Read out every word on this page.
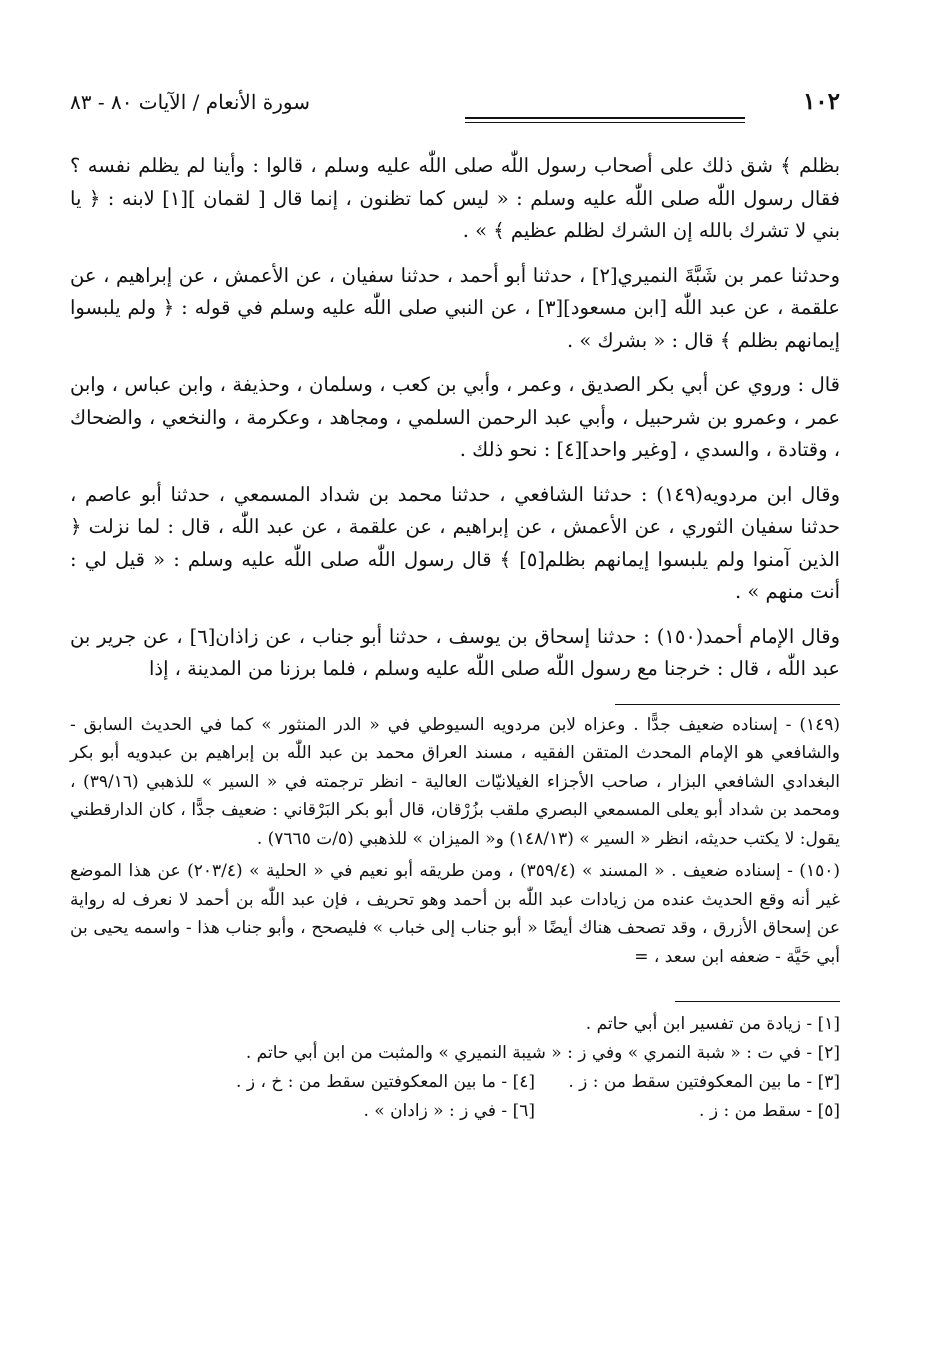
١٠٢
سورة الأنعام / الآيات ٨٠ - ٨٣

بظلم ﴾ شق ذلك على أصحاب رسول اللّٰه صلى اللّٰه عليه وسلم ، قالوا : وأينا لم يظلم نفسه ؟ فقال رسول اللّٰه صلى اللّٰه عليه وسلم : « ليس كما تظنون ، إنما قال [ لقمان ][١] لابنه : ﴿ يا بني لا تشرك بالله إن الشرك لظلم عظيم ﴾ » .

وحدثنا عمر بن شَبَّةَ النميري[٢] ، حدثنا أبو أحمد ، حدثنا سفيان ، عن الأعمش ، عن إبراهيم ، عن علقمة ، عن عبد اللّٰه [ابن مسعود][٣] ، عن النبي صلى اللّٰه عليه وسلم في قوله : ﴿ ولم يلبسوا إيمانهم بظلم ﴾ قال : « بشرك » .

قال : وروي عن أبي بكر الصديق ، وعمر ، وأبي بن كعب ، وسلمان ، وحذيفة ، وابن عباس ، وابن عمر ، وعمرو بن شرحبيل ، وأبي عبد الرحمن السلمي ، ومجاهد ، وعكرمة ، والنخعي ، والضحاك ، وقتادة ، والسدي ، [وغير واحد][٤] : نحو ذلك .

وقال ابن مردويه(١٤٩) : حدثنا الشافعي ، حدثنا محمد بن شداد المسمعي ، حدثنا أبو عاصم ، حدثنا سفيان الثوري ، عن الأعمش ، عن إبراهيم ، عن علقمة ، عن عبد اللّٰه ، قال : لما نزلت ﴿ الذين آمنوا ولم يلبسوا إيمانهم بظلم[٥] ﴾ قال رسول اللّٰه صلى اللّٰه عليه وسلم : « قيل لي : أنت منهم » .

وقال الإمام أحمد(١٥٠) : حدثنا إسحاق بن يوسف ، حدثنا أبو جناب ، عن زاذان[٦] ، عن جرير بن عبد اللّٰه ، قال : خرجنا مع رسول اللّٰه صلى اللّٰه عليه وسلم ، فلما برزنا من المدينة ، إذا

(١٤٩) - إسناده ضعيف جدًّا . وعزاه لابن مردويه السيوطي في « الدر المنثور » كما في الحديث السابق - والشافعي هو الإمام المحدث المتقن الفقيه ، مسند العراق محمد بن عبد اللّٰه بن إبراهيم بن عبدويه أبو بكر البغدادي الشافعي البزار ، صاحب الأجزاء الغيلانيّات العالية - انظر ترجمته في « السير » للذهبي (٣٩/١٦) ، ومحمد بن شداد أبو يعلى المسمعي البصري ملقب بزُرْقان، قال أبو بكر البَرْقاني : ضعيف جدًّا ، كان الدارقطني يقول: لا يكتب حديثه، انظر « السير » (١٤٨/١٣) و« الميزان » للذهبي (٥/ت ٧٦٦٥) .

(١٥٠) - إسناده ضعيف . « المسند » (٣٥٩/٤) ، ومن طريقه أبو نعيم في « الحلية » (٢٠٣/٤) عن هذا الموضع غير أنه وقع الحديث عنده من زيادات عبد اللّٰه بن أحمد وهو تحريف ، فإن عبد اللّٰه بن أحمد لا نعرف له رواية عن إسحاق الأزرق ، وقد تصحف هناك أيضًا « أبو جناب إلى خباب » فليصحح ، وأبو جناب هذا - واسمه يحيى بن أبي حَيَّة - ضعفه ابن سعد ، =

[١] - زيادة من تفسير ابن أبي حاتم .
[٢] - في ت : « شبة النمري » وفي ز : « شيبة النميري » والمثبت من ابن أبي حاتم .
[٣] - ما بين المعكوفتين سقط من : ز .
[٤] - ما بين المعكوفتين سقط من : خ ، ز .
[٥] - سقط من : ز .
[٦] - في ز : « زادان » .
